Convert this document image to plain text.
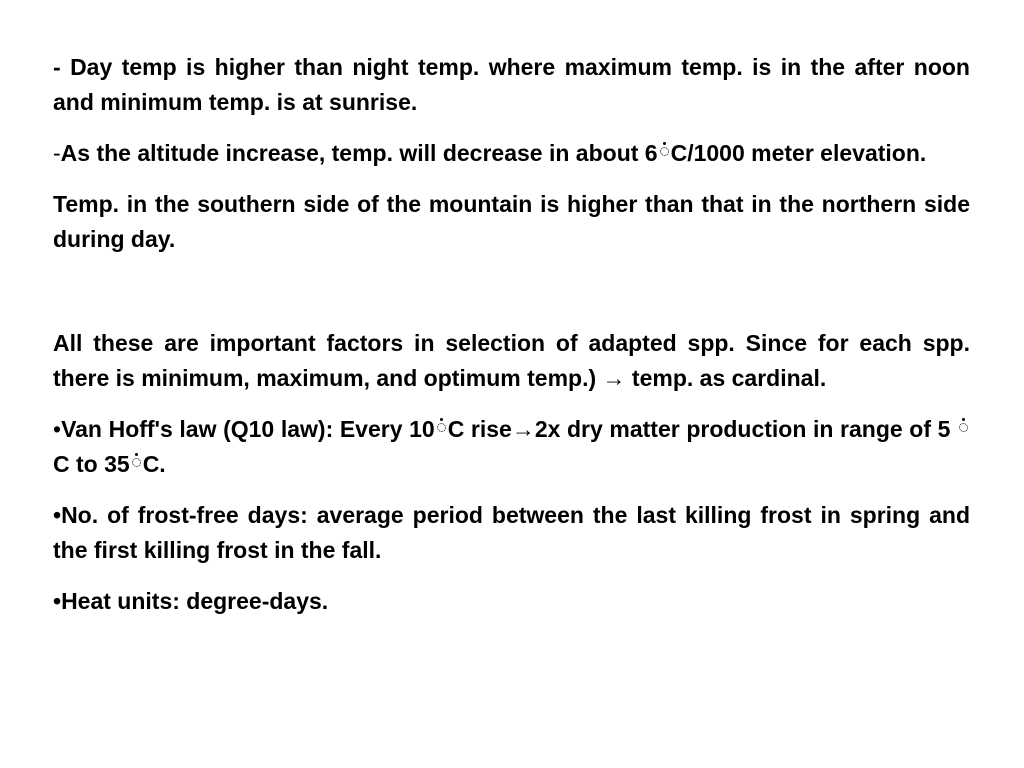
- Day temp is higher than night temp. where maximum temp. is in the after noon and minimum temp. is at sunrise.

-As the altitude increase, temp. will decrease in about 6 C/1000 meter elevation.

Temp. in the southern side of the mountain is higher than that in the northern side during day.

All these are important factors in selection of adapted spp. Since for each spp. there is minimum, maximum, and optimum temp.) → temp. as cardinal.

•Van Hoff's law (Q10 law): Every 10 C rise→2x dry matter production in range of 5 C to 35 C.

•No. of frost-free days: average period between the last killing frost in spring and the first killing frost in the fall.

•Heat units: degree-days.
